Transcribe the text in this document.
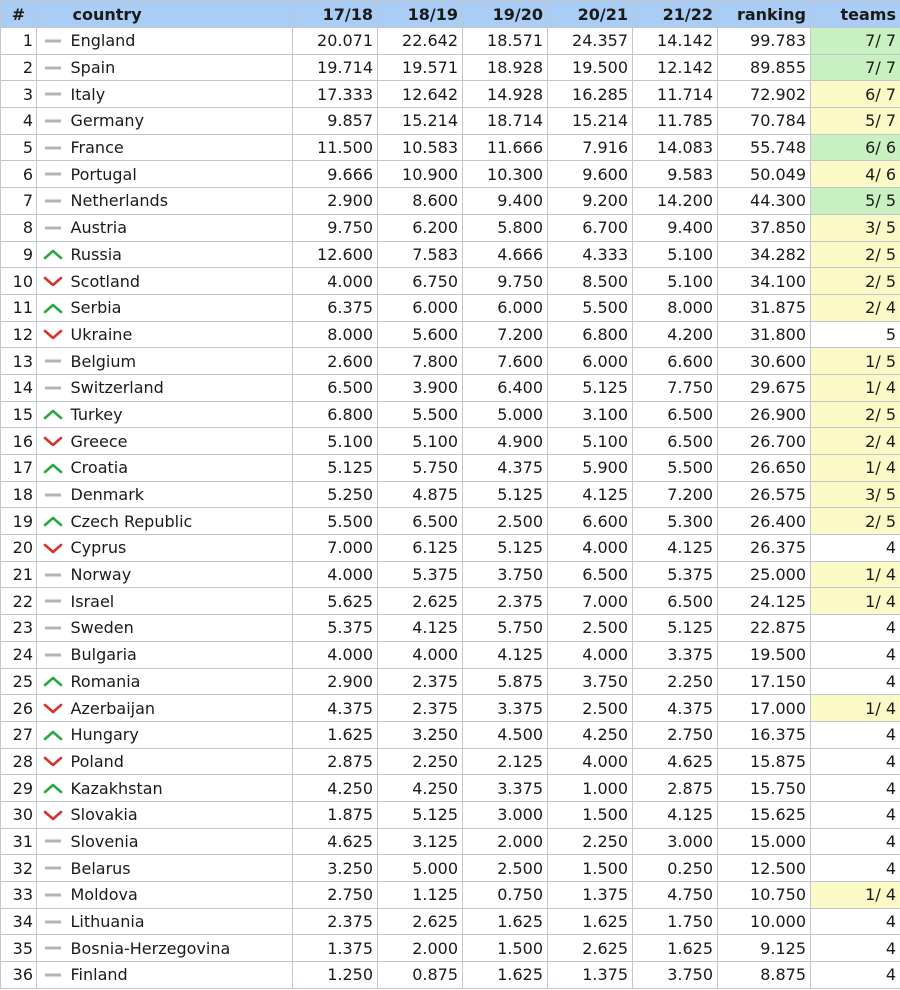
#		country	17/18	18/19	19/20	20/21	21/22	ranking	teams
1		England	20.071	22.642	18.571	24.357	14.142	99.783	7/ 7
2		Spain	19.714	19.571	18.928	19.500	12.142	89.855	7/ 7
3		Italy	17.333	12.642	14.928	16.285	11.714	72.902	6/ 7
4		Germany	9.857	15.214	18.714	15.214	11.785	70.784	5/ 7
5		France	11.500	10.583	11.666	7.916	14.083	55.748	6/ 6
6		Portugal	9.666	10.900	10.300	9.600	9.583	50.049	4/ 6
7		Netherlands	2.900	8.600	9.400	9.200	14.200	44.300	5/ 5
8		Austria	9.750	6.200	5.800	6.700	9.400	37.850	3/ 5
9		Russia	12.600	7.583	4.666	4.333	5.100	34.282	2/ 5
10		Scotland	4.000	6.750	9.750	8.500	5.100	34.100	2/ 5
11		Serbia	6.375	6.000	6.000	5.500	8.000	31.875	2/ 4
12		Ukraine	8.000	5.600	7.200	6.800	4.200	31.800	5
13		Belgium	2.600	7.800	7.600	6.000	6.600	30.600	1/ 5
14		Switzerland	6.500	3.900	6.400	5.125	7.750	29.675	1/ 4
15		Turkey	6.800	5.500	5.000	3.100	6.500	26.900	2/ 5
16		Greece	5.100	5.100	4.900	5.100	6.500	26.700	2/ 4
17		Croatia	5.125	5.750	4.375	5.900	5.500	26.650	1/ 4
18		Denmark	5.250	4.875	5.125	4.125	7.200	26.575	3/ 5
19		Czech Republic	5.500	6.500	2.500	6.600	5.300	26.400	2/ 5
20		Cyprus	7.000	6.125	5.125	4.000	4.125	26.375	4
21		Norway	4.000	5.375	3.750	6.500	5.375	25.000	1/ 4
22		Israel	5.625	2.625	2.375	7.000	6.500	24.125	1/ 4
23		Sweden	5.375	4.125	5.750	2.500	5.125	22.875	4
24		Bulgaria	4.000	4.000	4.125	4.000	3.375	19.500	4
25		Romania	2.900	2.375	5.875	3.750	2.250	17.150	4
26		Azerbaijan	4.375	2.375	3.375	2.500	4.375	17.000	1/ 4
27		Hungary	1.625	3.250	4.500	4.250	2.750	16.375	4
28		Poland	2.875	2.250	2.125	4.000	4.625	15.875	4
29		Kazakhstan	4.250	4.250	3.375	1.000	2.875	15.750	4
30		Slovakia	1.875	5.125	3.000	1.500	4.125	15.625	4
31		Slovenia	4.625	3.125	2.000	2.250	3.000	15.000	4
32		Belarus	3.250	5.000	2.500	1.500	0.250	12.500	4
33		Moldova	2.750	1.125	0.750	1.375	4.750	10.750	1/ 4
34		Lithuania	2.375	2.625	1.625	1.625	1.750	10.000	4
35		Bosnia-Herzegovina	1.375	2.000	1.500	2.625	1.625	9.125	4
36		Finland	1.250	0.875	1.625	1.375	3.750	8.875	4
